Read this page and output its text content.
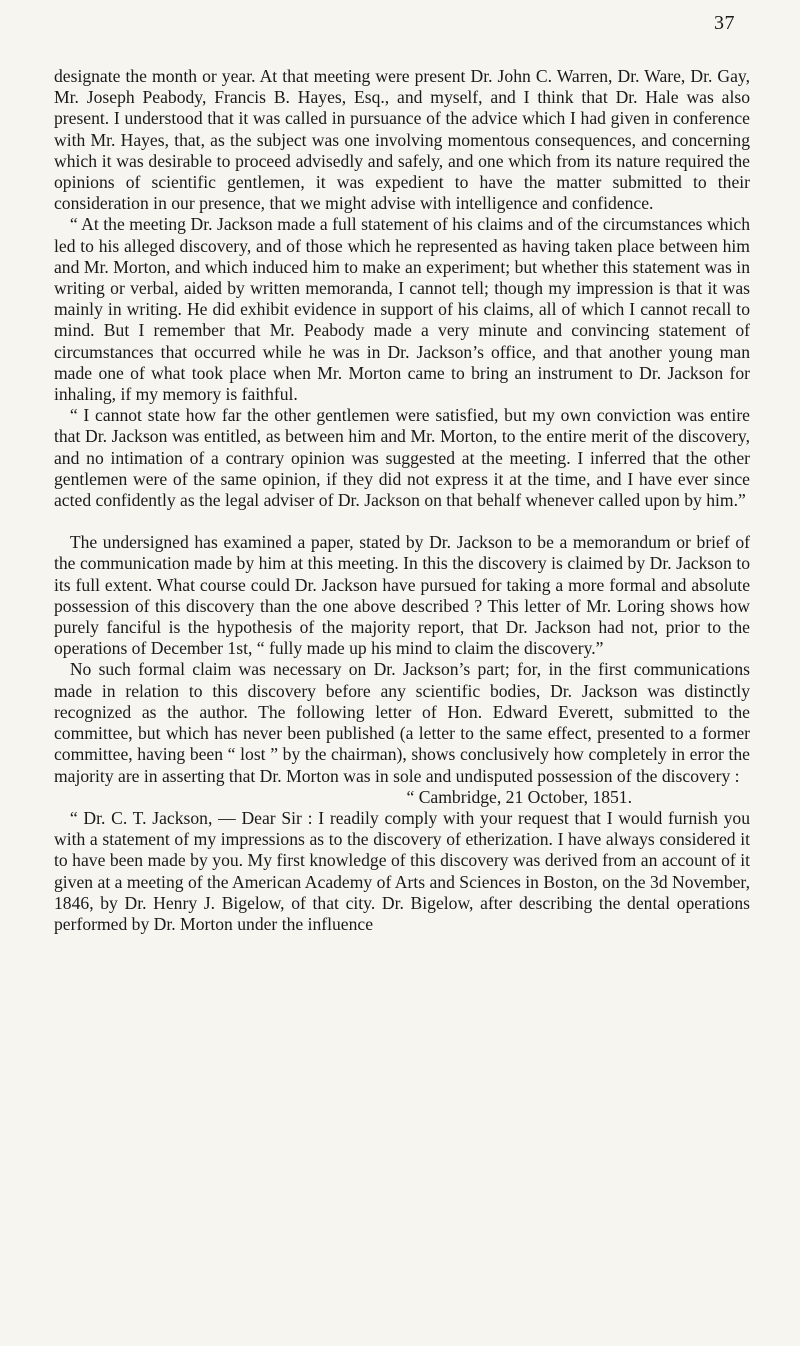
37

designate the month or year. At that meeting were present Dr. John C. Warren, Dr. Ware, Dr. Gay, Mr. Joseph Peabody, Francis B. Hayes, Esq., and myself, and I think that Dr. Hale was also present. I understood that it was called in pursuance of the advice which I had given in conference with Mr. Hayes, that, as the subject was one involving momentous consequences, and concerning which it was desirable to proceed advisedly and safely, and one which from its nature required the opinions of scientific gentlemen, it was expedient to have the matter submitted to their consideration in our presence, that we might advise with intelligence and confidence.

“ At the meeting Dr. Jackson made a full statement of his claims and of the circumstances which led to his alleged discovery, and of those which he represented as having taken place between him and Mr. Morton, and which induced him to make an experiment; but whether this statement was in writing or verbal, aided by written memoranda, I cannot tell; though my impression is that it was mainly in writing. He did exhibit evidence in support of his claims, all of which I cannot recall to mind. But I remember that Mr. Peabody made a very minute and convincing statement of circumstances that occurred while he was in Dr. Jackson’s office, and that another young man made one of what took place when Mr. Morton came to bring an instrument to Dr. Jackson for inhaling, if my memory is faithful.

“ I cannot state how far the other gentlemen were satisfied, but my own conviction was entire that Dr. Jackson was entitled, as between him and Mr. Morton, to the entire merit of the discovery, and no intimation of a contrary opinion was suggested at the meeting. I inferred that the other gentlemen were of the same opinion, if they did not express it at the time, and I have ever since acted confidently as the legal adviser of Dr. Jackson on that behalf whenever called upon by him.”

The undersigned has examined a paper, stated by Dr. Jackson to be a memorandum or brief of the communication made by him at this meeting. In this the discovery is claimed by Dr. Jackson to its full extent. What course could Dr. Jackson have pursued for taking a more formal and absolute possession of this discovery than the one above described ? This letter of Mr. Loring shows how purely fanciful is the hypothesis of the majority report, that Dr. Jackson had not, prior to the operations of December 1st, “ fully made up his mind to claim the discovery.”

No such formal claim was necessary on Dr. Jackson’s part; for, in the first communications made in relation to this discovery before any scientific bodies, Dr. Jackson was distinctly recognized as the author. The following letter of Hon. Edward Everett, submitted to the committee, but which has never been published (a letter to the same effect, presented to a former committee, having been “ lost ” by the chairman), shows conclusively how completely in error the majority are in asserting that Dr. Morton was in sole and undisputed possession of the discovery :

“ Cambridge, 21 October, 1851.

“ Dr. C. T. Jackson, — Dear Sir : I readily comply with your request that I would furnish you with a statement of my impressions as to the discovery of etherization. I have always considered it to have been made by you. My first knowledge of this discovery was derived from an account of it given at a meeting of the American Academy of Arts and Sciences in Boston, on the 3d November, 1846, by Dr. Henry J. Bigelow, of that city. Dr. Bigelow, after describing the dental operations performed by Dr. Morton under the influence
